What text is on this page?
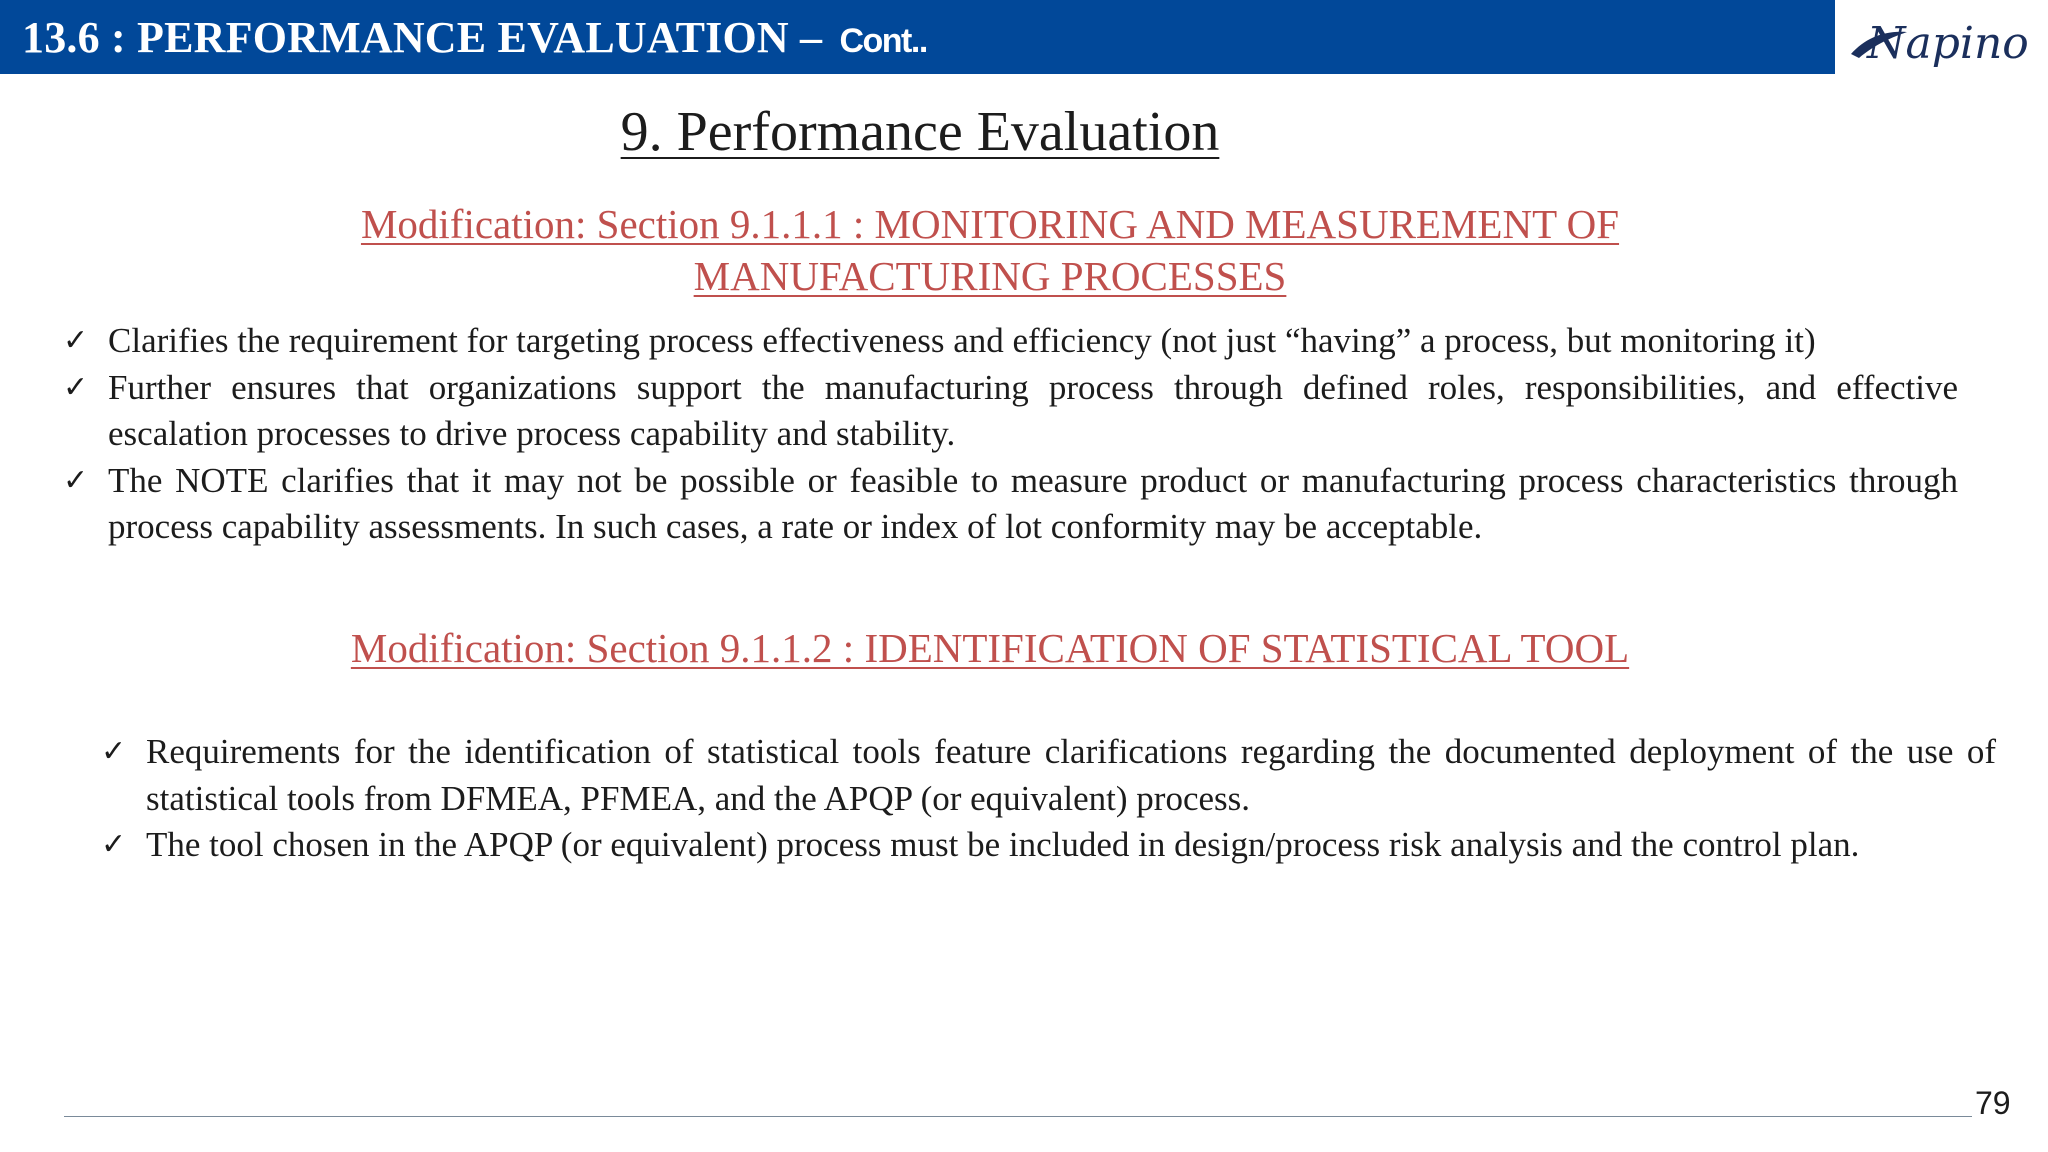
13.6 : PERFORMANCE EVALUATION – Cont..	Napino
9. Performance Evaluation
Modification: Section 9.1.1.1 : MONITORING AND MEASUREMENT OF
MANUFACTURING PROCESSES
✓ Clarifies the requirement for targeting process effectiveness and efficiency (not just “having” a process, but monitoring it)
✓ Further ensures that organizations support the manufacturing process through defined roles, responsibilities, and effective escalation processes to drive process capability and stability.
✓ The NOTE clarifies that it may not be possible or feasible to measure product or manufacturing process characteristics through process capability assessments. In such cases, a rate or index of lot conformity may be acceptable.
Modification: Section 9.1.1.2 : IDENTIFICATION OF STATISTICAL TOOL
✓ Requirements for the identification of statistical tools feature clarifications regarding the documented deployment of the use of statistical tools from DFMEA, PFMEA, and the APQP (or equivalent) process.
✓ The tool chosen in the APQP (or equivalent) process must be included in design/process risk analysis and the control plan.
79
